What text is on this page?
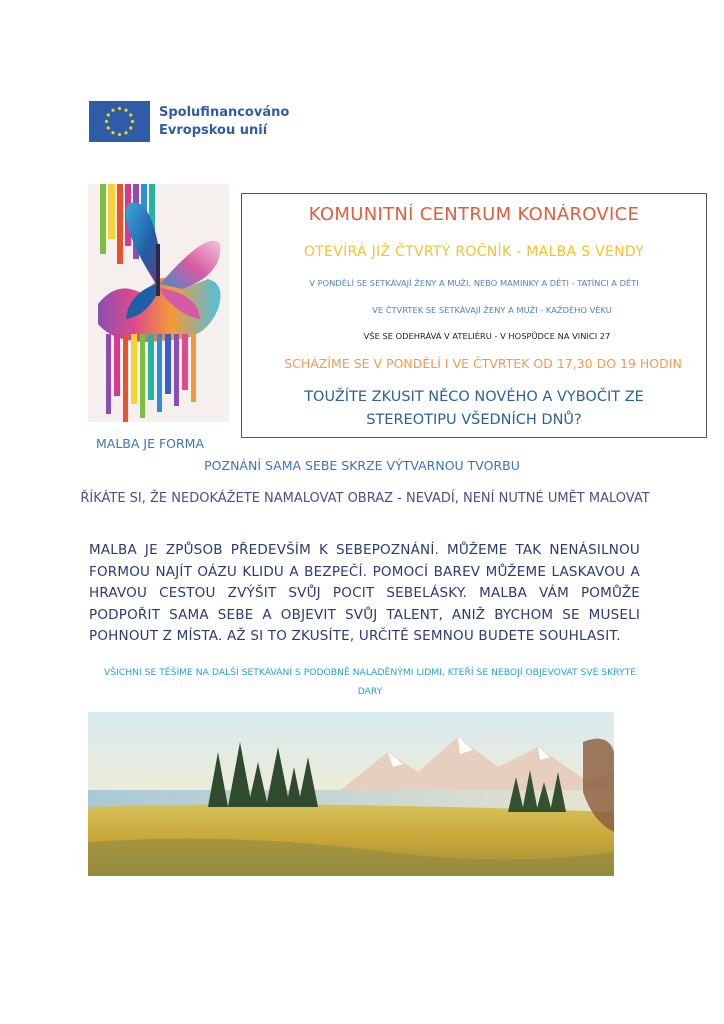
Spolufinancováno
Evropskou unií
KOMUNITNÍ CENTRUM KONÁROVICE
OTEVÍRÁ JIŽ ČTVRTÝ ROČNÍK - MALBA S VENDY
V PONDĚLÍ SE SETKÁVAJÍ ŽENY A MUŽI, NEBO MAMINKY A DĚTI - TATÍNCI A DĚTI
VE ČTVRTEK SE SETKÁVAJÍ ŽENY A MUŽI - KAŽDÉHO VĚKU
VŠE SE ODEHRÁVÁ V ATELIÉRU - V HOSPŮDCE NA VINICI 27
SCHÁZÍME SE V PONDĚLÍ I VE ČTVRTEK OD 17,30 DO 19 HODIN
TOUŽÍTE ZKUSIT NĚCO NOVÉHO A VYBOČIT ZE STEREOTIPU VŠEDNÍCH DNŮ?
MALBA JE FORMA
POZNÁNÍ SAMA SEBE SKRZE VÝTVARNOU TVORBU
ŘÍKÁTE SI, ŽE NEDOKÁŽETE NAMALOVAT OBRAZ - NEVADÍ, NENÍ NUTNÉ UMĚT MALOVAT
MALBA JE ZPŮSOB PŘEDEVŠÍM K SEBEPOZNÁNÍ. MŮŽEME TAK NENÁSILNOU FORMOU NAJÍT OÁZU KLIDU A BEZPEČÍ. POMOCÍ BAREV MŮŽEME LASKAVOU A HRAVOU CESTOU ZVÝŠIT SVŮJ POCIT SEBELÁSKY. MALBA VÁM POMŮŽE PODPOŘIT SAMA SEBE A OBJEVIT SVŮJ TALENT, ANIŽ BYCHOM SE MUSELI POHNOUT Z MÍSTA. AŽ SI TO ZKUSÍTE, URČITĚ SEMNOU BUDETE SOUHLASIT.
VŠICHNI SE TĚŠÍME NA DALŠÍ SETKÁVÁNÍ S PODOBNĚ NALADĚNÝMI LIDMI, KTEŘÍ SE NEBOJÍ OBJEVOVAT SVÉ SKRYTÉ DARY
